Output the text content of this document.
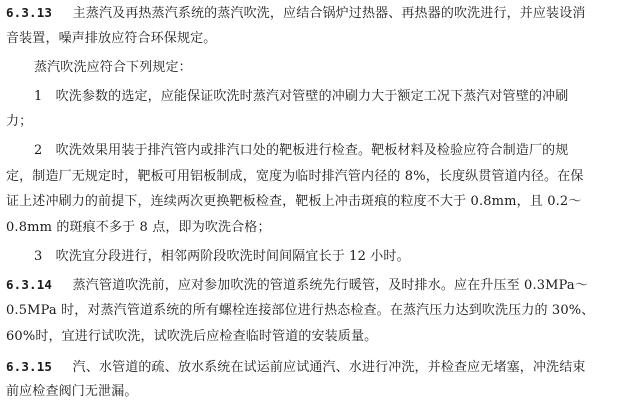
6.3.13 主蒸汽及再热蒸汽系统的蒸汽吹洗，应结合锅炉过热器、再热器的吹洗进行，并应装设消
音装置，噪声排放应符合环保规定。
蒸汽吹洗应符合下列规定：
1　吹洗参数的选定，应能保证吹洗时蒸汽对管壁的冲刷力大于额定工况下蒸汽对管壁的冲刷
力；
2　吹洗效果用装于排汽管内或排汽口处的靶板进行检查。靶板材料及检验应符合制造厂的规
定，制造厂无规定时，靶板可用铝板制成，宽度为临时排汽管内径的 8%，长度纵贯管道内径。在保
证上述冲刷力的前提下，连续两次更换靶板检查，靶板上冲击斑痕的粒度不大于 0.8mm，且 0.2～
0.8mm 的斑痕不多于 8 点，即为吹洗合格；
3　吹洗宜分段进行，相邻两阶段吹洗时间间隔宜长于 12 小时。
6.3.14 蒸汽管道吹洗前，应对参加吹洗的管道系统先行暖管，及时排水。应在升压至 0.3MPa～
0.5MPa 时，对蒸汽管道系统的所有螺栓连接部位进行热态检查。在蒸汽压力达到吹洗压力的 30%、
60%时，宜进行试吹洗，试吹洗后应检查临时管道的安装质量。
6.3.15 汽、水管道的疏、放水系统在试运前应试通汽、水进行冲洗，并检查应无堵塞，冲洗结束
前应检查阀门无泄漏。
